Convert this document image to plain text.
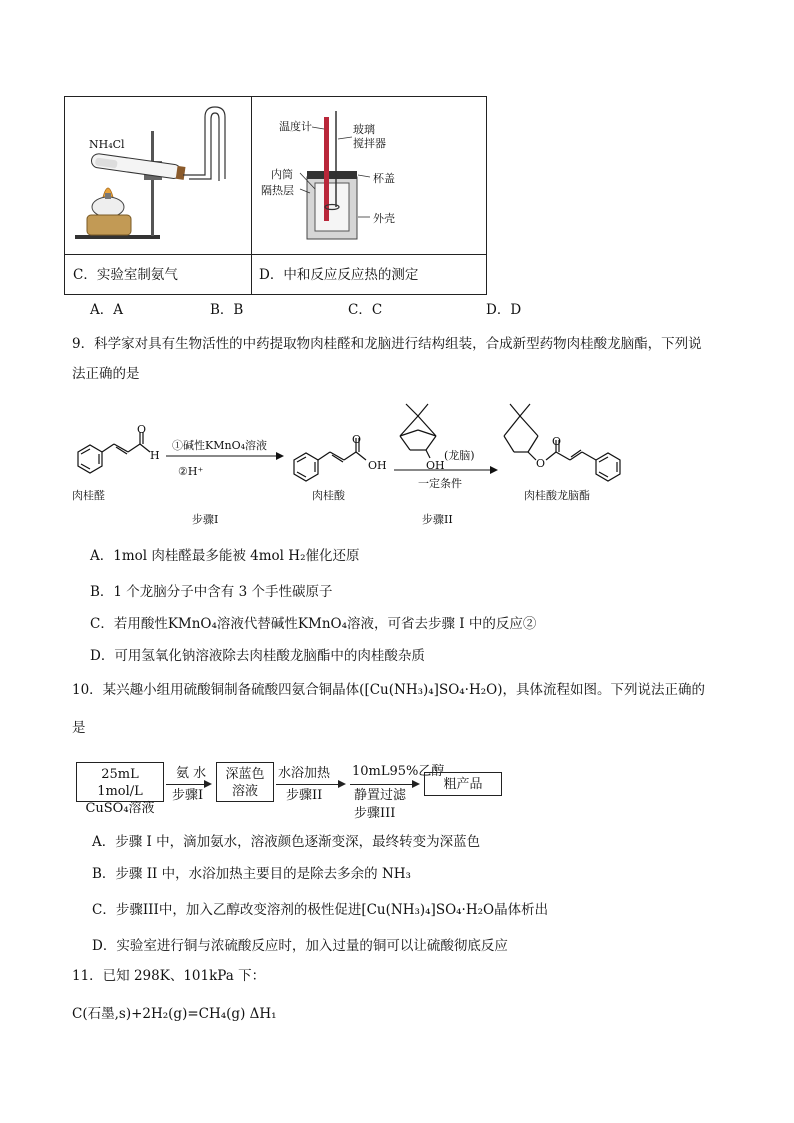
NH₄Cl
温度计	玻璃
搅拌器
内筒
隔热层
杯盖
外壳
C．实验室制氨气	D．中和反应反应热的测定
A．A	B．B	C．C	D．D
9．科学家对具有生物活性的中药提取物肉桂醛和龙脑进行结构组装，合成新型药物肉桂酸龙脑酯，下列说
法正确的是
O
H
O
OH	OH	O
O
肉桂醛
①碱性KMnO₄溶液
②H⁺
肉桂酸
(龙脑)
一定条件
肉桂酸龙脑酯
步骤I	步骤II
A．1mol 肉桂醛最多能被 4mol H₂催化还原
B．1 个龙脑分子中含有 3 个手性碳原子
C．若用酸性KMnO₄溶液代替碱性KMnO₄溶液，可省去步骤 I 中的反应②
D．可用氢氧化钠溶液除去肉桂酸龙脑酯中的肉桂酸杂质
10．某兴趣小组用硫酸铜制备硫酸四氨合铜晶体([Cu(NH₃)₄]SO₄·H₂O)，具体流程如图。下列说法正确的
是
25mL 1mol/L
CuSO₄溶液
氨 水
步骤I
深蓝色
溶液
水浴加热
步骤II
10mL95%乙醇
静置过滤
步骤III
粗产品
A．步骤 I 中，滴加氨水，溶液颜色逐渐变深，最终转变为深蓝色
B．步骤 II 中，水浴加热主要目的是除去多余的 NH₃
C．步骤III中，加入乙醇改变溶剂的极性促进[Cu(NH₃)₄]SO₄·H₂O晶体析出
D．实验室进行铜与浓硫酸反应时，加入过量的铜可以让硫酸彻底反应
11．已知 298K、101kPa 下：
C(石墨,s)+2H₂(g)=CH₄(g) ΔH₁
